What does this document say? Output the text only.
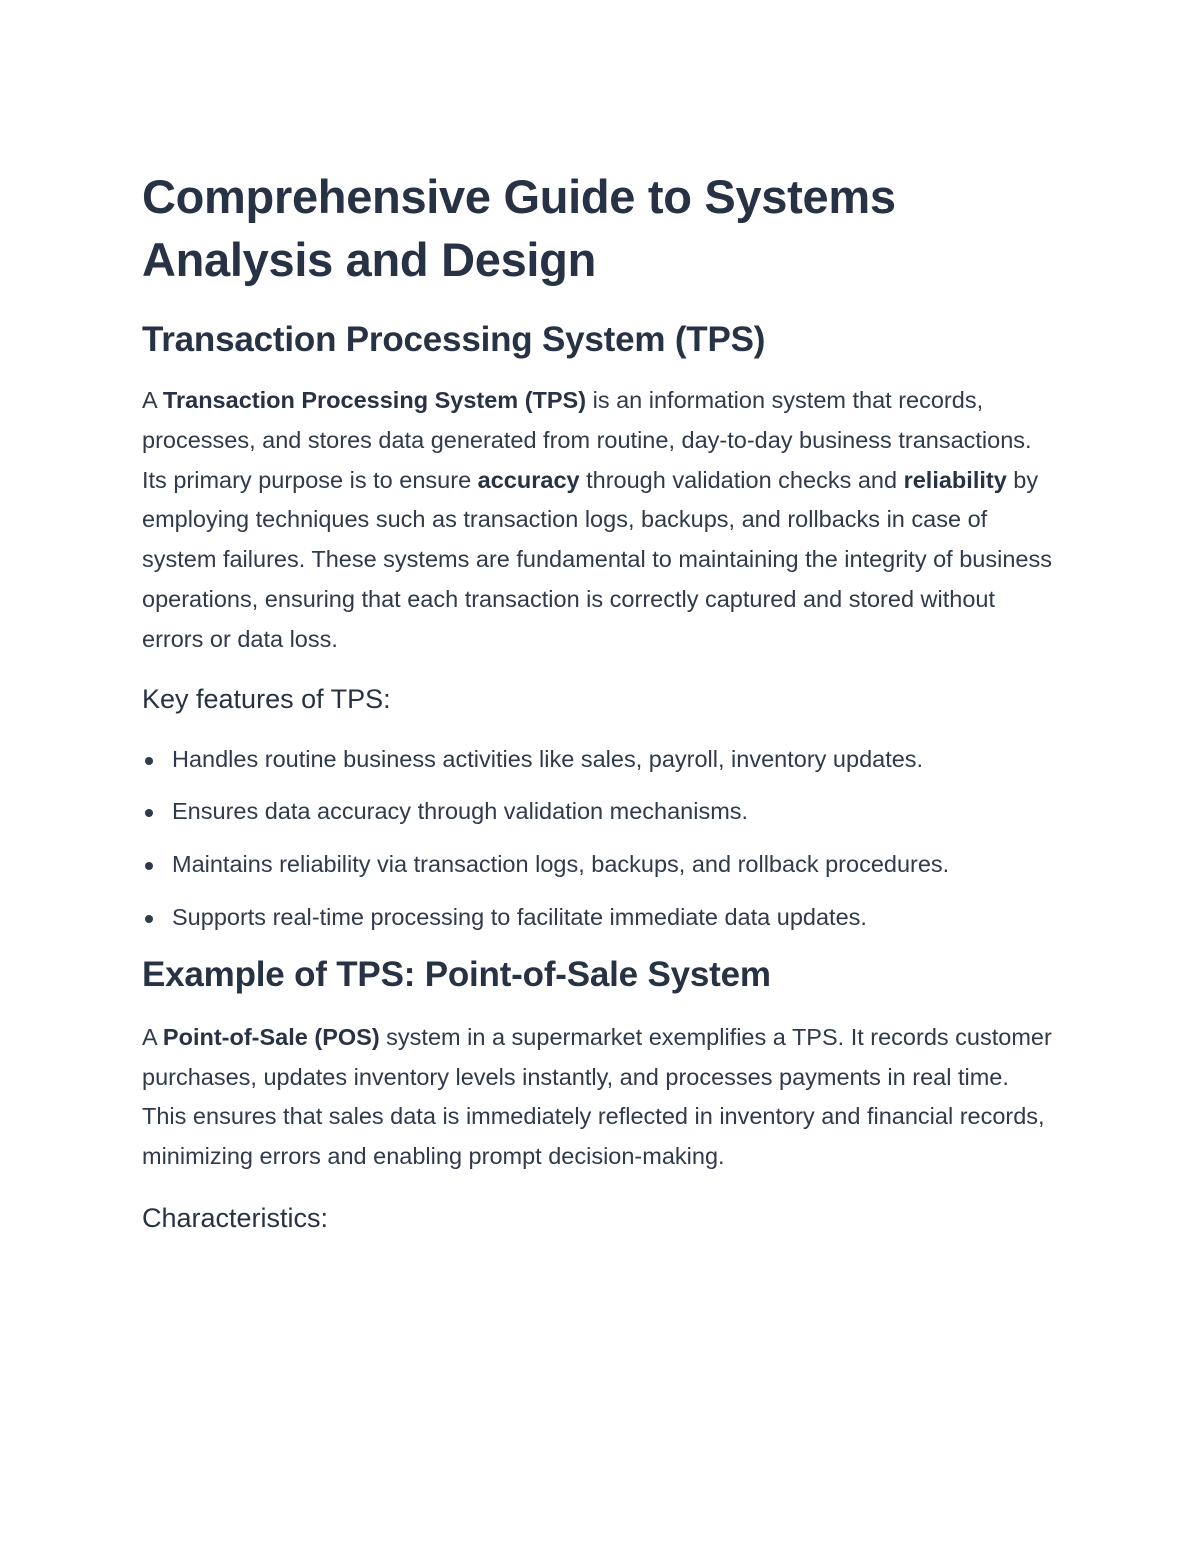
Comprehensive Guide to Systems Analysis and Design
Transaction Processing System (TPS)

A Transaction Processing System (TPS) is an information system that records, processes, and stores data generated from routine, day-to-day business transactions. Its primary purpose is to ensure accuracy through validation checks and reliability by employing techniques such as transaction logs, backups, and rollbacks in case of system failures. These systems are fundamental to maintaining the integrity of business operations, ensuring that each transaction is correctly captured and stored without errors or data loss.

Key features of TPS:
Handles routine business activities like sales, payroll, inventory updates.
Ensures data accuracy through validation mechanisms.
Maintains reliability via transaction logs, backups, and rollback procedures.
Supports real-time processing to facilitate immediate data updates.
Example of TPS: Point-of-Sale System

A Point-of-Sale (POS) system in a supermarket exemplifies a TPS. It records customer purchases, updates inventory levels instantly, and processes payments in real time. This ensures that sales data is immediately reflected in inventory and financial records, minimizing errors and enabling prompt decision-making.

Characteristics:
